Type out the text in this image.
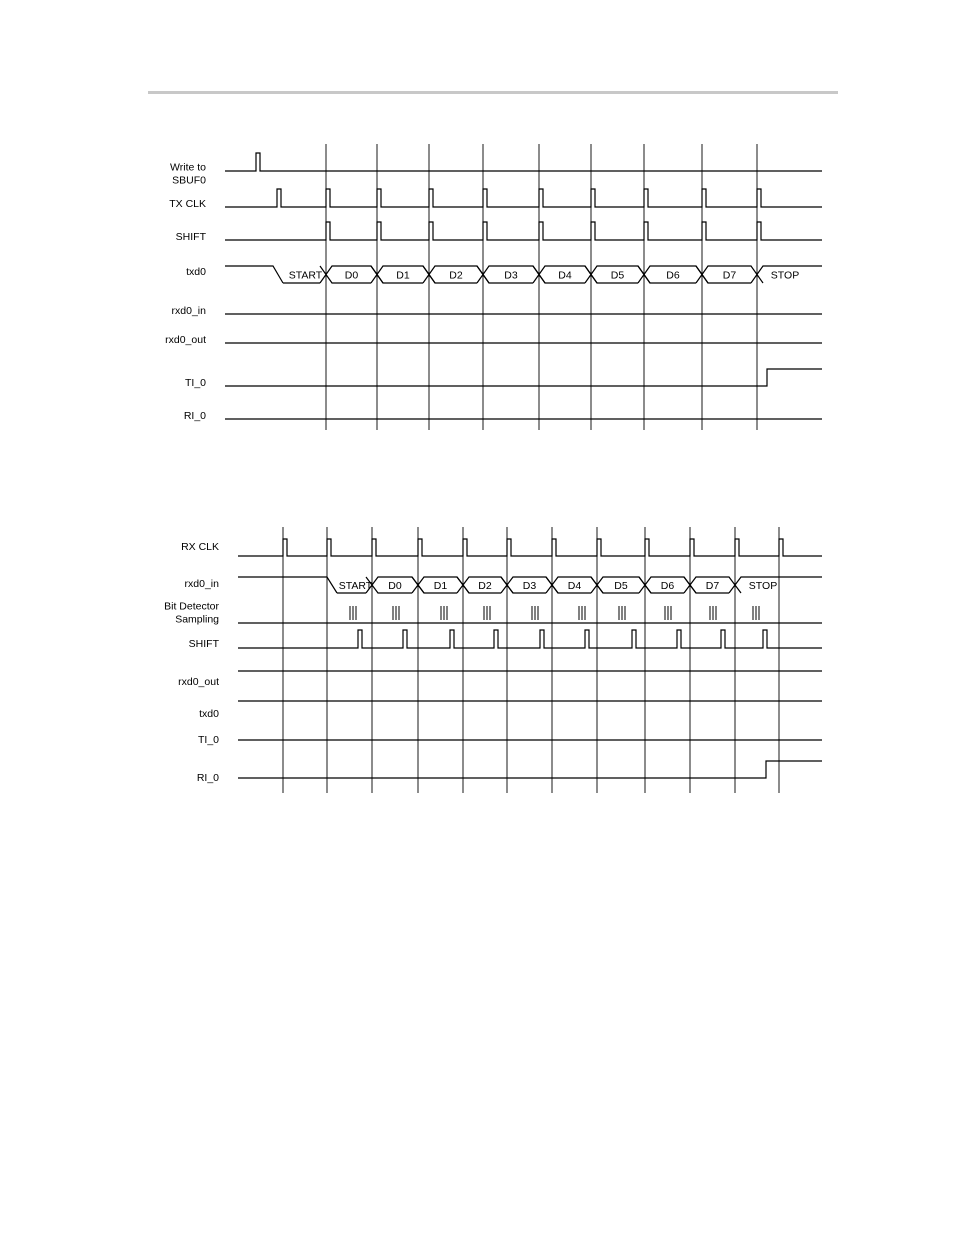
Write to SBUF0
TX CLK
SHIFT
txd0
rxd0_in
rxd0_out
TI_0
RI_0
START D0	D1	D2	D3	D4	D5	D6	D7	STOP
RX CLK
rxd0_in
Bit Detector Sampling
SHIFT
rxd0_out
txd0
TI_0
RI_0
START D0	D1	D2	D3	D4	D5	D6	D7	STOP
